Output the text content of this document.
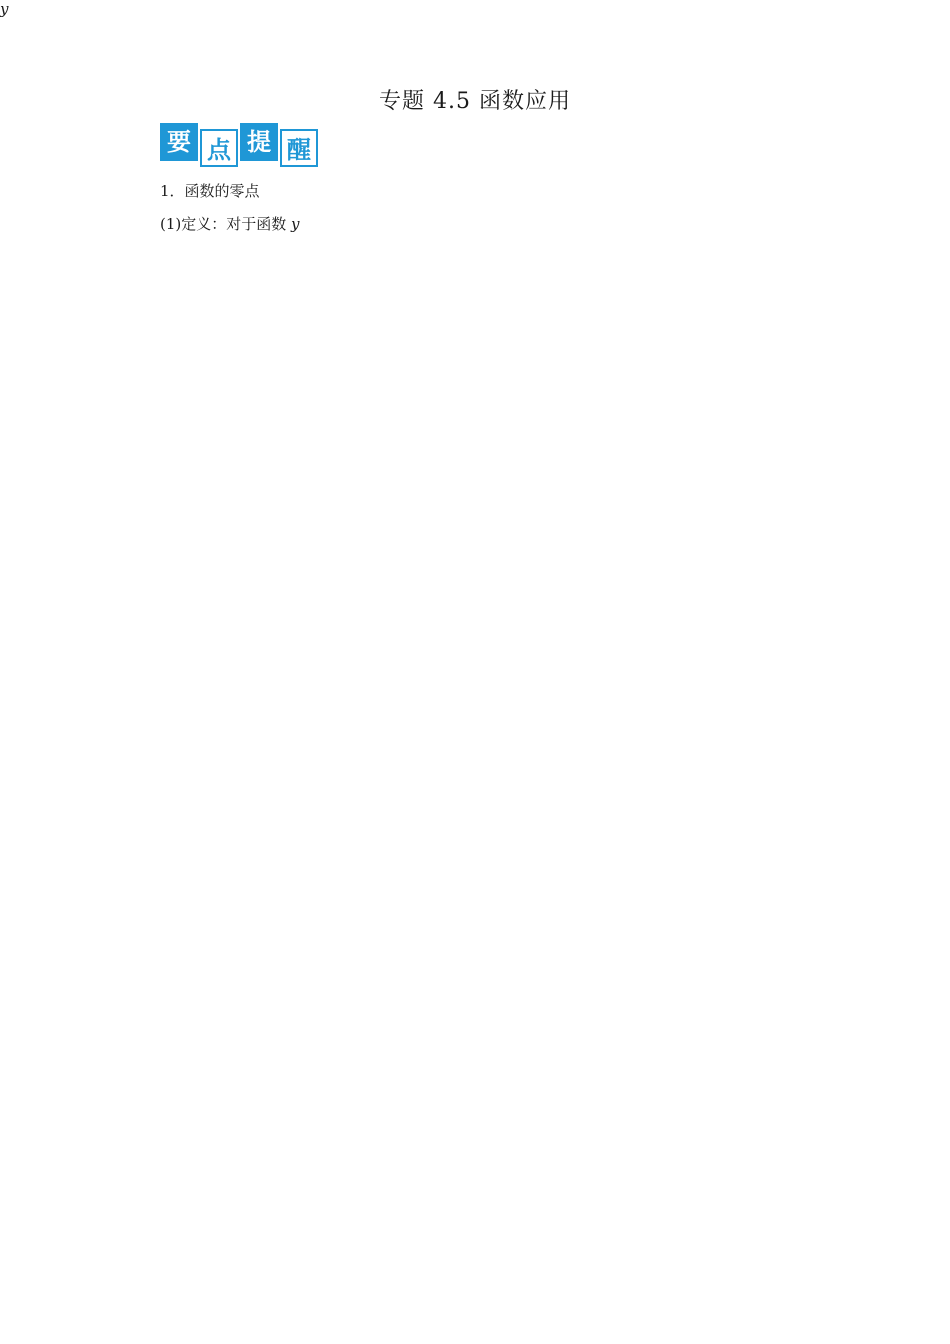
专题 4.5 函数应用
要 点 提 醒
1．函数的零点
(1)定义：对于函数 y
y
